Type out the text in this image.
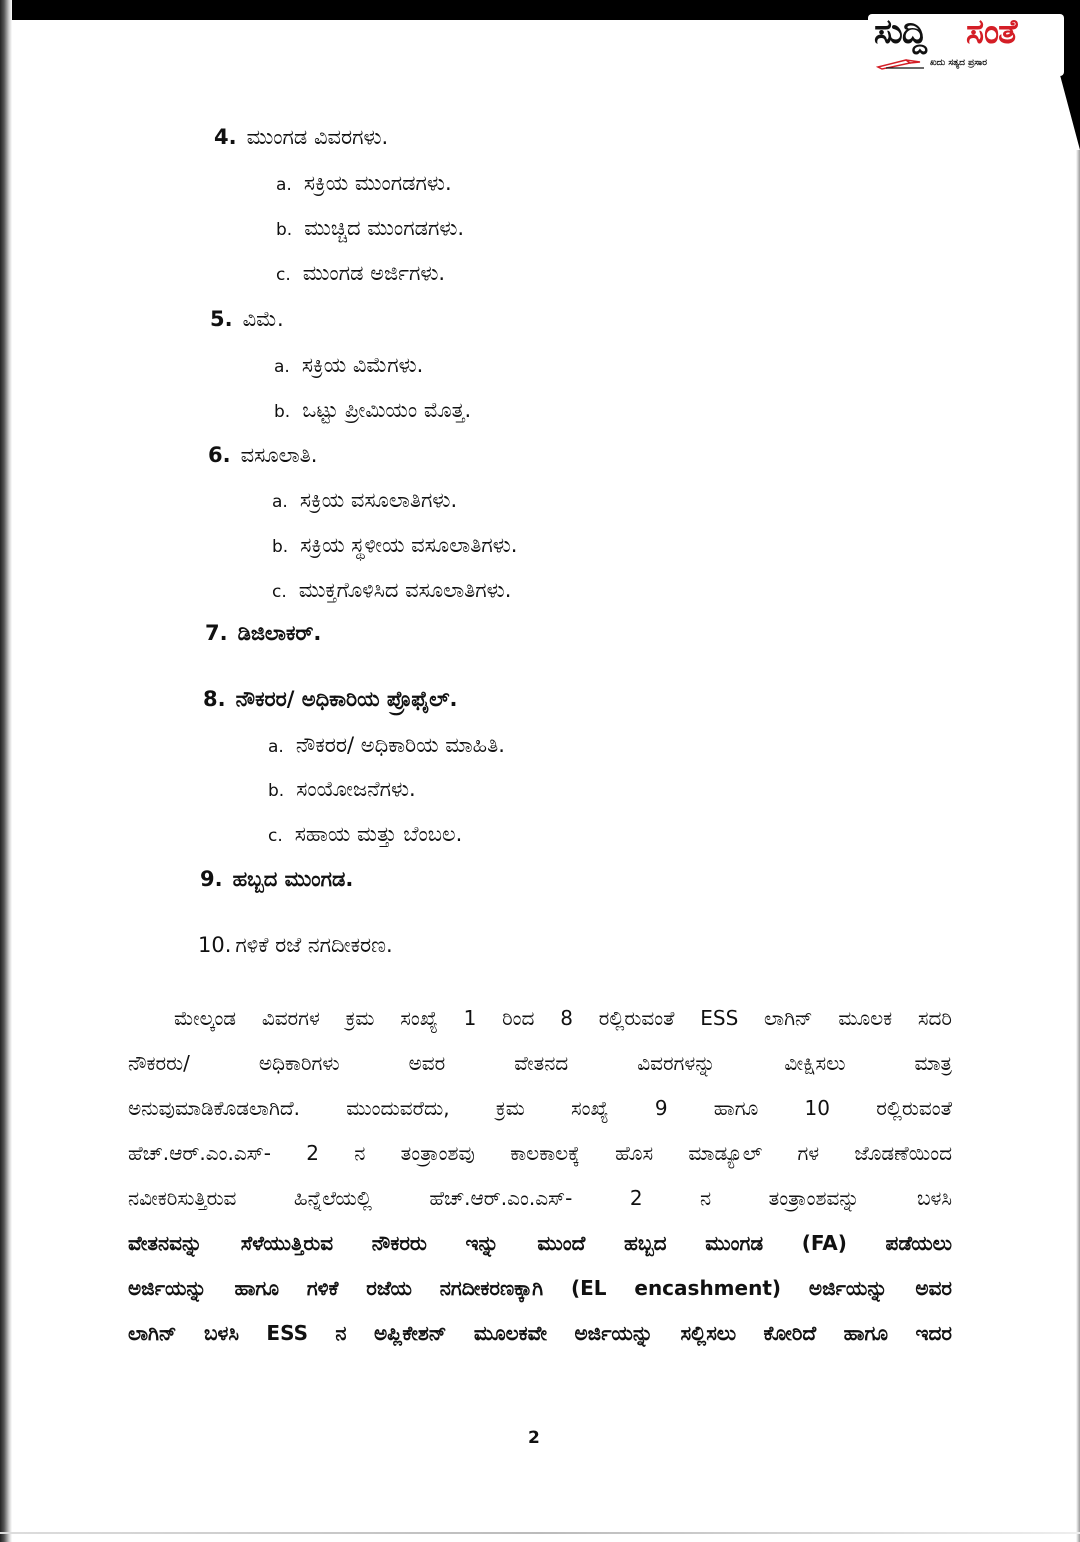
ಸುದ್ದಿ ಸಂತೆ
ಖದು ಸತ್ಯದ ಪ್ರಸಾರ
4. ಮುಂಗಡ ವಿವರಗಳು.
a. ಸಕ್ರಿಯ ಮುಂಗಡಗಳು.
b. ಮುಚ್ಚಿದ ಮುಂಗಡಗಳು.
c. ಮುಂಗಡ ಅರ್ಜಿಗಳು.
5. ವಿಮೆ.
a. ಸಕ್ರಿಯ ವಿಮೆಗಳು.
b. ಒಟ್ಟು ಪ್ರೀಮಿಯಂ ಮೊತ್ತ.
6. ವಸೂಲಾತಿ.
a. ಸಕ್ರಿಯ ವಸೂಲಾತಿಗಳು.
b. ಸಕ್ರಿಯ ಸ್ಥಳೀಯ ವಸೂಲಾತಿಗಳು.
c. ಮುಕ್ತಗೊಳಿಸಿದ ವಸೂಲಾತಿಗಳು.
7. ಡಿಜಿಲಾಕರ್.
8. ನೌಕರರ/ ಅಧಿಕಾರಿಯ ಪ್ರೊಫೈಲ್.
a. ನೌಕರರ/ ಅಧಿಕಾರಿಯ ಮಾಹಿತಿ.
b. ಸಂಯೋಜನೆಗಳು.
c. ಸಹಾಯ ಮತ್ತು ಬೆಂಬಲ.
9. ಹಬ್ಬದ ಮುಂಗಡ.
10. ಗಳಿಕೆ ರಜೆ ನಗದೀಕರಣ.
ಮೇಲ್ಕಂಡ ವಿವರಗಳ ಕ್ರಮ ಸಂಖ್ಯೆ 1 ರಿಂದ 8 ರಲ್ಲಿರುವಂತೆ ESS ಲಾಗಿನ್ ಮೂಲಕ ಸದರಿ
ನೌಕರರು/ ಅಧಿಕಾರಿಗಳು ಅವರ ವೇತನದ ವಿವರಗಳನ್ನು ವೀಕ್ಷಿಸಲು ಮಾತ್ರ
ಅನುವುಮಾಡಿಕೊಡಲಾಗಿದೆ. ಮುಂದುವರೆದು, ಕ್ರಮ ಸಂಖ್ಯೆ 9 ಹಾಗೂ 10 ರಲ್ಲಿರುವಂತೆ
ಹೆಚ್.ಆರ್.ಎಂ.ಎಸ್- 2 ನ ತಂತ್ರಾಂಶವು ಕಾಲಕಾಲಕ್ಕೆ ಹೊಸ ಮಾಡ್ಯೂಲ್ ಗಳ ಜೊಡಣೆಯಿಂದ
ನವೀಕರಿಸುತ್ತಿರುವ ಹಿನ್ನೆಲೆಯಲ್ಲಿ ಹೆಚ್.ಆರ್.ಎಂ.ಎಸ್- 2 ನ ತಂತ್ರಾಂಶವನ್ನು ಬಳಸಿ
ವೇತನವನ್ನು ಸೆಳೆಯುತ್ತಿರುವ ನೌಕರರು ಇನ್ನು ಮುಂದೆ ಹಬ್ಬದ ಮುಂಗಡ (FA) ಪಡೆಯಲು
ಅರ್ಜಿಯನ್ನು ಹಾಗೂ ಗಳಿಕೆ ರಜೆಯ ನಗದೀಕರಣಕ್ಕಾಗಿ (EL encashment) ಅರ್ಜಿಯನ್ನು ಅವರ
ಲಾಗಿನ್ ಬಳಸಿ ESS ನ ಅಪ್ಲಿಕೇಶನ್ ಮೂಲಕವೇ ಅರ್ಜಿಯನ್ನು ಸಲ್ಲಿಸಲು ಕೋರಿದೆ ಹಾಗೂ ಇದರ
2
